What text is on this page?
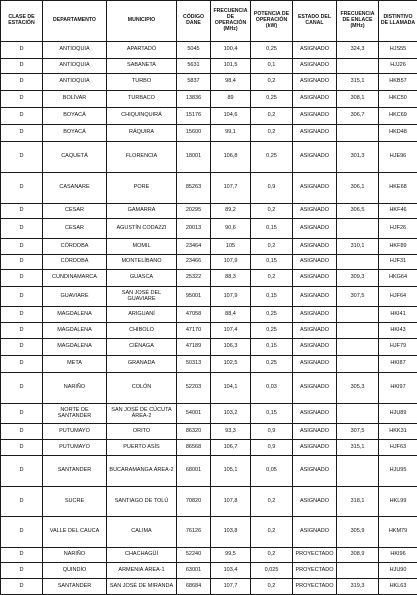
CLASE DE ESTACIÓN	DEPARTAMENTO	MUNICIPIO	CÓDIGO DANE	FRECUENCIA DE OPERACIÓN (MHz)	POTENCIA DE OPERACIÓN (kW)	ESTADO DEL CANAL	FRECUENCIA DE ENLACE (MHz)	DISTINTIVO DE LLAMADA
D	ANTIOQUIA	APARTADÓ	5045	100,4	0,25	ASIGNADO	324,3	HJS55
D	ANTIOQUIA	SABANETA	5631	101,5	0,1	ASIGNADO		HJJ26
D	ANTIOQUIA	TURBO	5837	98,4	0,2	ASIGNADO	315,1	HKB57
D	BOLÍVAR	TURBACO	13836	89	0,25	ASIGNADO	308,1	HKC50
D	BOYACÁ	CHIQUINQUIRÁ	15176	104,6	0,2	ASIGNADO	306,7	HKC69
D	BOYACÁ	RÁQUIRA	15600	99,1	0,2	ASIGNADO		HKD48
D	CAQUETÁ	FLORENCIA	18001	106,8	0,25	ASIGNADO	301,3	HJE96
D	CASANARE	PORE	85263	107,7	0,9	ASIGNADO	306,1	HKE68
D	CESAR	GAMARRA	20295	89,2	0,2	ASIGNADO	306,5	HKF46
D	CESAR	AGUSTÍN CODAZZI	20013	90,6	0,15	ASIGNADO		HJF26
D	CÓRDOBA	MOMIL	23464	105	0,2	ASIGNADO	310,1	HKF89
D	CÓRDOBA	MONTELÍBANO	23466	107,9	0,15	ASIGNADO		HJF31
D	CUNDINAMARCA	GUASCA	25322	88,3	0,2	ASIGNADO	309,3	HKG64
D	GUAVIARE	SAN JOSÉ DEL GUAVIARE	95001	107,9	0,15	ASIGNADO	307,5	HJF64
D	MAGDALENA	ARIGUANÍ	47058	88,4	0,25	ASIGNADO		HKI41
D	MAGDALENA	CHIBOLO	47170	107,4	0,25	ASIGNADO		HKI43
D	MAGDALENA	CIÉNAGA	47189	106,3	0,15	ASIGNADO		HJF79
D	META	GRANADA	50313	102,5	0,25	ASIGNADO		HKI87
D	NARIÑO	COLÓN	52203	104,1	0,03	ASIGNADO	305,3	HKI97
D	NORTE DE SANTANDER	SAN JOSÉ DE CÚCUTA ÁREA-2	54001	103,2	0,15	ASIGNADO		HJU89
D	PUTUMAYO	ORITO	86320	93,3	0,9	ASIGNADO	307,5	HKK31
D	PUTUMAYO	PUERTO ASÍS	86568	106,7	0,9	ASIGNADO	315,1	HJF63
D	SANTANDER	BUCARAMANGA ÁREA-2	68001	105,1	0,05	ASIGNADO		HJU95
D	SUCRE	SANTIAGO DE TOLÚ	70820	107,8	0,2	ASIGNADO	318,1	HKL99
D	VALLE DEL CAUCA	CALIMA	76126	103,8	0,2	ASIGNADO	305,9	HKM79
D	NARIÑO	CHACHAGÜÍ	52240	99,5	0,2	PROYECTADO	308,9	HKI96
D	QUINDÍO	ARMENIA ÁREA-1	63001	103,4	0,025	PROYECTADO		HJU90
D	SANTANDER	SAN JOSÉ DE MIRANDA	68684	107,7	0,2	PROYECTADO	319,3	HKL63
